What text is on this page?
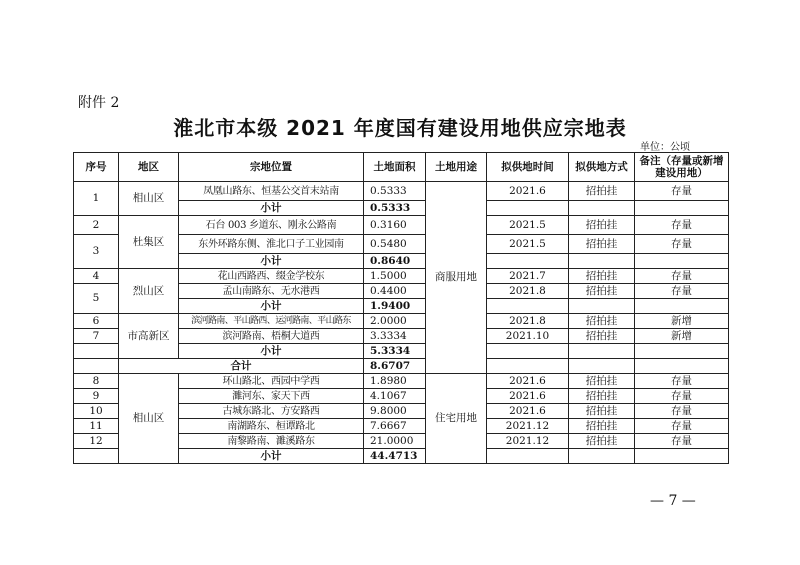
附件 2
淮北市本级 2021 年度国有建设用地供应宗地表
单位：公顷
序号	地区	宗地位置	土地面积	土地用途	拟供地时间	拟供地方式	备注（存量或新增建设用地）	
1	相山区	凤凰山路东、恒基公交首末站南	0.5333	商服用地	2021.6	招拍挂	存量	
		小计	0.5333					
2	杜集区	石台 003 乡道东、刚永公路南	0.3160		2021.5	招拍挂	存量	
3		东外环路东侧、淮北口子工业园南	0.5480		2021.5	招拍挂	存量	
		小计	0.8640					
4	烈山区	花山西路西、缀金学校东	1.5000		2021.7	招拍挂	存量	
5		孟山南路东、无水港西	0.4400		2021.8	招拍挂	存量	
		小计	1.9400					
6	市高新区	滨河路南、平山路西、运河路南、平山路东	2.0000		2021.8	招拍挂	新增	
7		滨河路南、梧桐大道西	3.3334		2021.10	招拍挂	新增	
		小计	5.3334					
	合计		8.6707					
8	相山区	环山路北、西园中学西	1.8980	住宅用地	2021.6	招拍挂	存量	
9		濉河东、家天下西	4.1067		2021.6	招拍挂	存量	
10		古城东路北、方安路西	9.8000		2021.6	招拍挂	存量	
11		南湖路东、桓谭路北	7.6667		2021.12	招拍挂	存量	
12		南黎路南、濉溪路东	21.0000		2021.12	招拍挂	存量	
		小计	44.4713					
— 7 —
